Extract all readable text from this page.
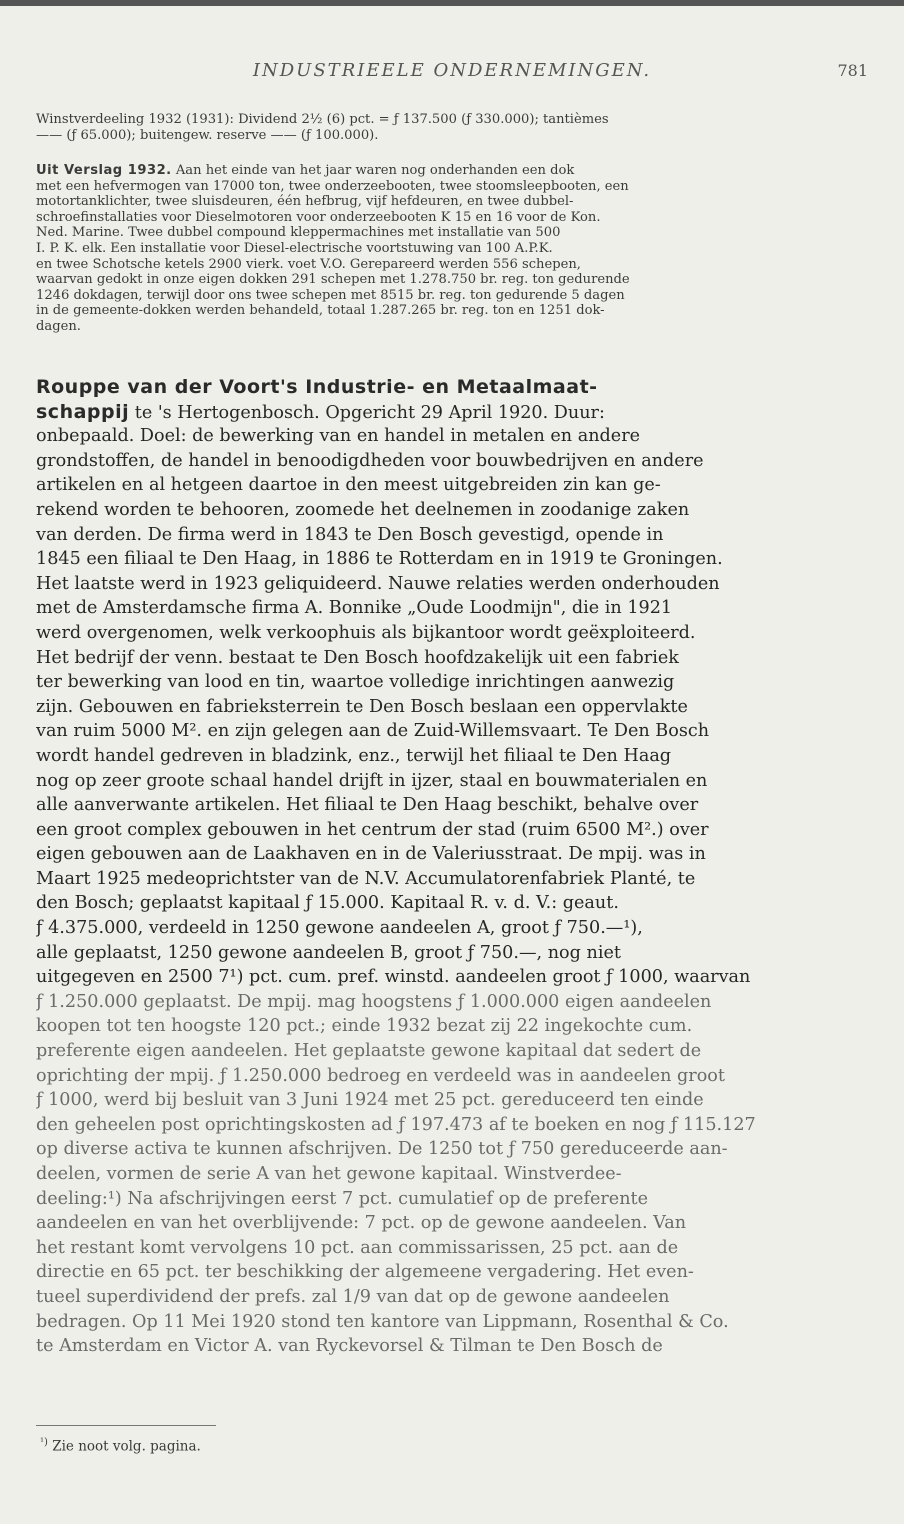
INDUSTRIEELE ONDERNEMINGEN.	781
Winstverdeeling 1932 (1931): Dividend 2½ (6) pct. = ƒ 137.500 (ƒ 330.000); tantièmes
—— (ƒ 65.000); buitengew. reserve —— (ƒ 100.000).
Uit Verslag 1932. Aan het einde van het jaar waren nog onderhanden een dok
met een hefvermogen van 17000 ton, twee onderzeebooten, twee stoomsleepbooten, een
motortanklichter, twee sluisdeuren, één hefbrug, vijf hefdeuren, en twee dubbel-
schroefinstallaties voor Dieselmotoren voor onderzeebooten K 15 en 16 voor de Kon.
Ned. Marine. Twee dubbel compound kleppermachines met installatie van 500
I. P. K. elk. Een installatie voor Diesel-electrische voortstuwing van 100 A.P.K.
en twee Schotsche ketels 2900 vierk. voet V.O. Gerepareerd werden 556 schepen,
waarvan gedokt in onze eigen dokken 291 schepen met 1.278.750 br. reg. ton gedurende
1246 dokdagen, terwijl door ons twee schepen met 8515 br. reg. ton gedurende 5 dagen
in de gemeente-dokken werden behandeld, totaal 1.287.265 br. reg. ton en 1251 dok-
dagen.
Rouppe van der Voort's Industrie- en Metaalmaat-
schappij te 's Hertogenbosch. Opgericht 29 April 1920. Duur:
onbepaald. Doel: de bewerking van en handel in metalen en andere
grondstoffen, de handel in benoodigdheden voor bouwbedrijven en andere
artikelen en al hetgeen daartoe in den meest uitgebreiden zin kan ge-
rekend worden te behooren, zoomede het deelnemen in zoodanige zaken
van derden. De firma werd in 1843 te Den Bosch gevestigd, opende in
1845 een filiaal te Den Haag, in 1886 te Rotterdam en in 1919 te Groningen.
Het laatste werd in 1923 geliquideerd. Nauwe relaties werden onderhouden
met de Amsterdamsche firma A. Bonnike „Oude Loodmijn", die in 1921
werd overgenomen, welk verkoophuis als bijkantoor wordt geëxploiteerd.
Het bedrijf der venn. bestaat te Den Bosch hoofdzakelijk uit een fabriek
ter bewerking van lood en tin, waartoe volledige inrichtingen aanwezig
zijn. Gebouwen en fabrieksterrein te Den Bosch beslaan een oppervlakte
van ruim 5000 M². en zijn gelegen aan de Zuid-Willemsvaart. Te Den Bosch
wordt handel gedreven in bladzink, enz., terwijl het filiaal te Den Haag
nog op zeer groote schaal handel drijft in ijzer, staal en bouwmaterialen en
alle aanverwante artikelen. Het filiaal te Den Haag beschikt, behalve over
een groot complex gebouwen in het centrum der stad (ruim 6500 M².) over
eigen gebouwen aan de Laakhaven en in de Valeriusstraat. De mpij. was in
Maart 1925 medeoprichtster van de N.V. Accumulatorenfabriek Planté, te
den Bosch; geplaatst kapitaal ƒ 15.000. Kapitaal R. v. d. V.: geaut.
ƒ 4.375.000, verdeeld in 1250 gewone aandeelen A, groot ƒ 750.—¹),
alle geplaatst, 1250 gewone aandeelen B, groot ƒ 750.—, nog niet
uitgegeven en 2500 7¹) pct. cum. pref. winstd. aandeelen groot ƒ 1000, waarvan
ƒ 1.250.000 geplaatst. De mpij. mag hoogstens ƒ 1.000.000 eigen aandeelen
koopen tot ten hoogste 120 pct.; einde 1932 bezat zij 22 ingekochte cum.
preferente eigen aandeelen. Het geplaatste gewone kapitaal dat sedert de
oprichting der mpij. ƒ 1.250.000 bedroeg en verdeeld was in aandeelen groot
ƒ 1000, werd bij besluit van 3 Juni 1924 met 25 pct. gereduceerd ten einde
den geheelen post oprichtingskosten ad ƒ 197.473 af te boeken en nog ƒ 115.127
op diverse activa te kunnen afschrijven. De 1250 tot ƒ 750 gereduceerde aan-
deelen, vormen de serie A van het gewone kapitaal. Winstverdee-
deeling:¹) Na afschrijvingen eerst 7 pct. cumulatief op de preferente
aandeelen en van het overblijvende: 7 pct. op de gewone aandeelen. Van
het restant komt vervolgens 10 pct. aan commissarissen, 25 pct. aan de
directie en 65 pct. ter beschikking der algemeene vergadering. Het even-
tueel superdividend der prefs. zal 1/9 van dat op de gewone aandeelen
bedragen. Op 11 Mei 1920 stond ten kantore van Lippmann, Rosenthal & Co.
te Amsterdam en Victor A. van Ryckevorsel & Tilman te Den Bosch de
$^{^1)}$ Zie noot volg. pagina.
